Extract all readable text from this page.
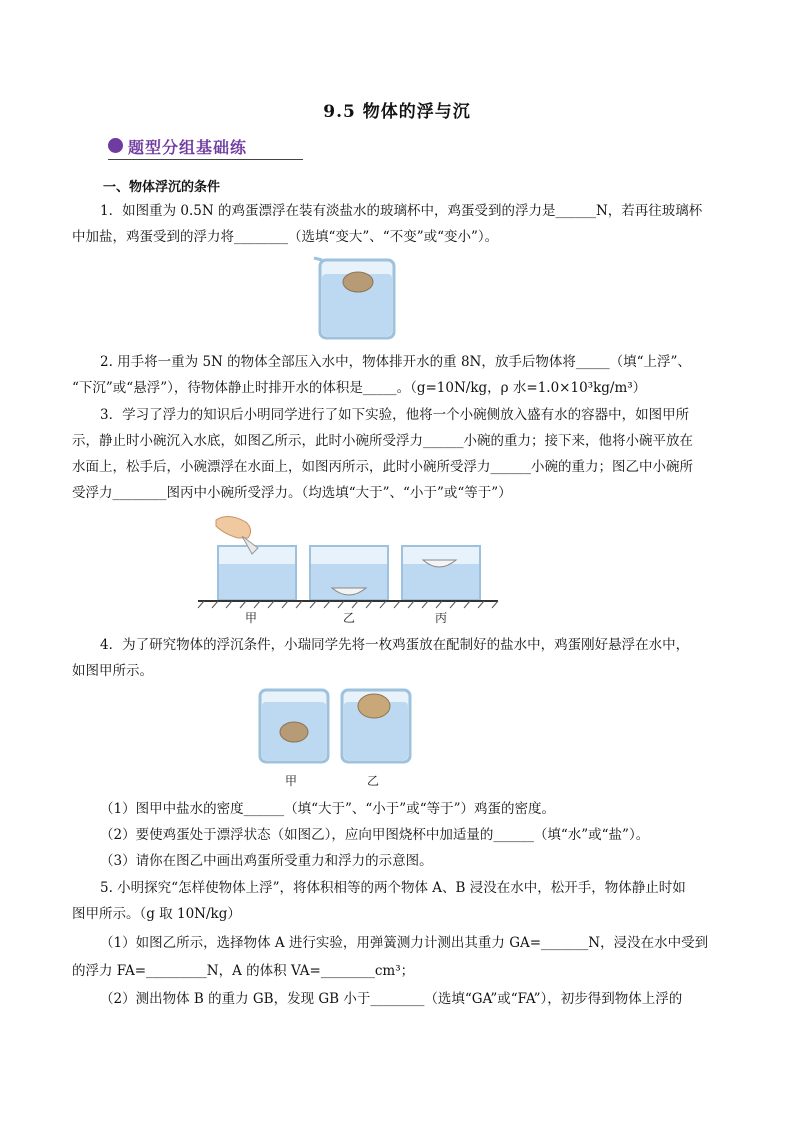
9.5 物体的浮与沉
题型分组基础练
一、物体浮沉的条件
1．如图重为 0.5N 的鸡蛋漂浮在装有淡盐水的玻璃杯中，鸡蛋受到的浮力是______N，若再往玻璃杯
中加盐，鸡蛋受到的浮力将________（选填“变大”、“不变”或“变小”）。
2. 用手将一重为 5N 的物体全部压入水中，物体排开水的重 8N，放手后物体将_____（填“上浮”、
“下沉”或“悬浮”），待物体静止时排开水的体积是_____。（g=10N/kg，ρ 水=1.0×10³kg/m³）
3．学习了浮力的知识后小明同学进行了如下实验，他将一个小碗侧放入盛有水的容器中，如图甲所
示，静止时小碗沉入水底，如图乙所示，此时小碗所受浮力______小碗的重力；接下来，他将小碗平放在
水面上，松手后，小碗漂浮在水面上，如图丙所示，此时小碗所受浮力______小碗的重力；图乙中小碗所
受浮力________图丙中小碗所受浮力。（均选填“大于”、“小于”或“等于”）
甲	乙	丙
4．为了研究物体的浮沉条件，小瑞同学先将一枚鸡蛋放在配制好的盐水中，鸡蛋刚好悬浮在水中，
如图甲所示。
甲	乙
（1）图甲中盐水的密度______（填“大于”、“小于”或“等于”）鸡蛋的密度。
（2）要使鸡蛋处于漂浮状态（如图乙），应向甲图烧杯中加适量的______（填“水”或“盐”）。
（3）请你在图乙中画出鸡蛋所受重力和浮力的示意图。
5. 小明探究“怎样使物体上浮”，将体积相等的两个物体 A、B 浸没在水中，松开手，物体静止时如
图甲所示。（g 取 10N/kg）
（1）如图乙所示，选择物体 A 进行实验，用弹簧测力计测出其重力 GA=_______N，浸没在水中受到
的浮力 FA=_________N，A 的体积 VA=________cm³；
（2）测出物体 B 的重力 GB，发现 GB 小于________（选填“GA”或“FA”），初步得到物体上浮的
